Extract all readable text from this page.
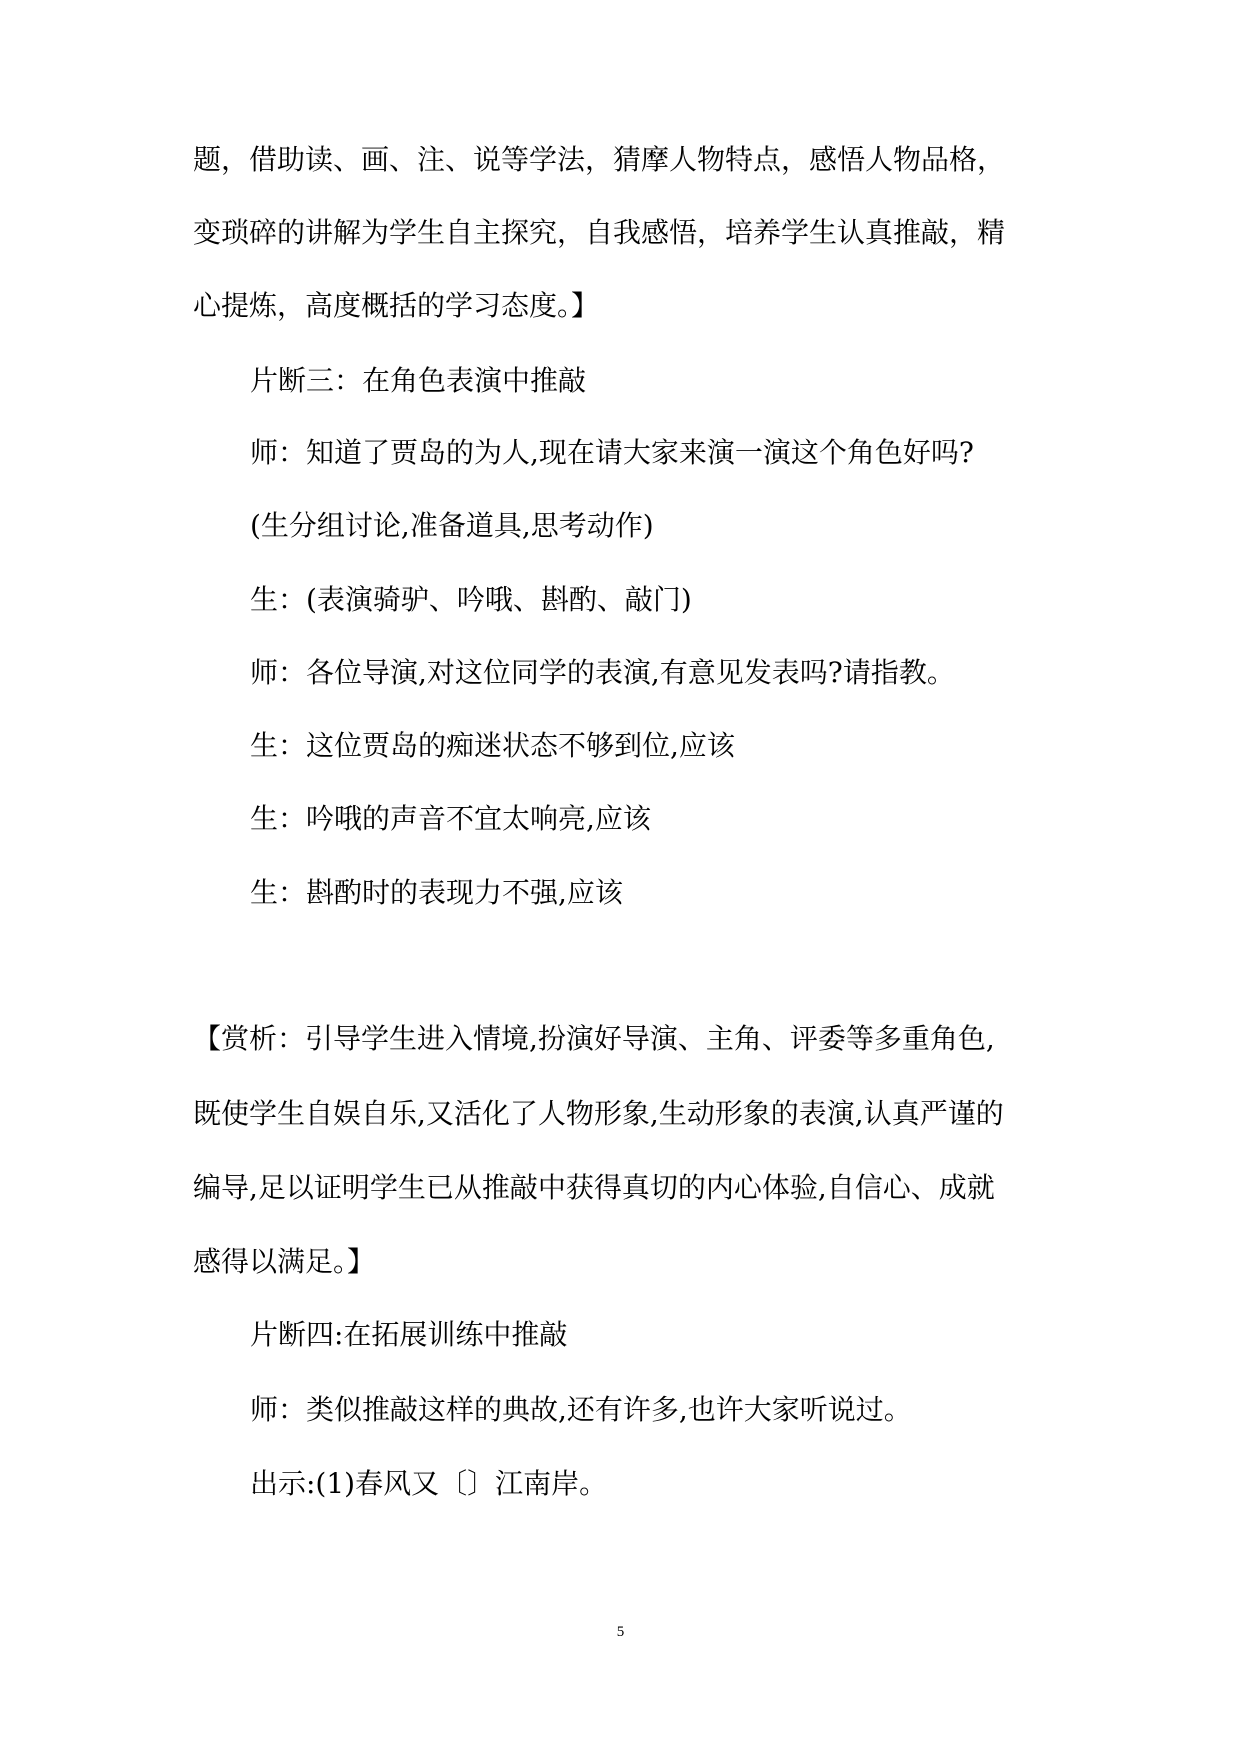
题，借助读、画、注、说等学法，猜摩人物特点，感悟人物品格，
变琐碎的讲解为学生自主探究，自我感悟，培养学生认真推敲，精
心提炼，高度概括的学习态度。】
片断三：在角色表演中推敲
师：知道了贾岛的为人,现在请大家来演一演这个角色好吗?
(生分组讨论,准备道具,思考动作)
生：(表演骑驴、吟哦、斟酌、敲门)
师：各位导演,对这位同学的表演,有意见发表吗?请指教。
生：这位贾岛的痴迷状态不够到位,应该
生：吟哦的声音不宜太响亮,应该
生：斟酌时的表现力不强,应该
【赏析：引导学生进入情境,扮演好导演、主角、评委等多重角色,
既使学生自娱自乐,又活化了人物形象,生动形象的表演,认真严谨的
编导,足以证明学生已从推敲中获得真切的内心体验,自信心、成就
感得以满足。】
片断四:在拓展训练中推敲
师：类似推敲这样的典故,还有许多,也许大家听说过。
出示:(1)春风又〔〕江南岸。
5
